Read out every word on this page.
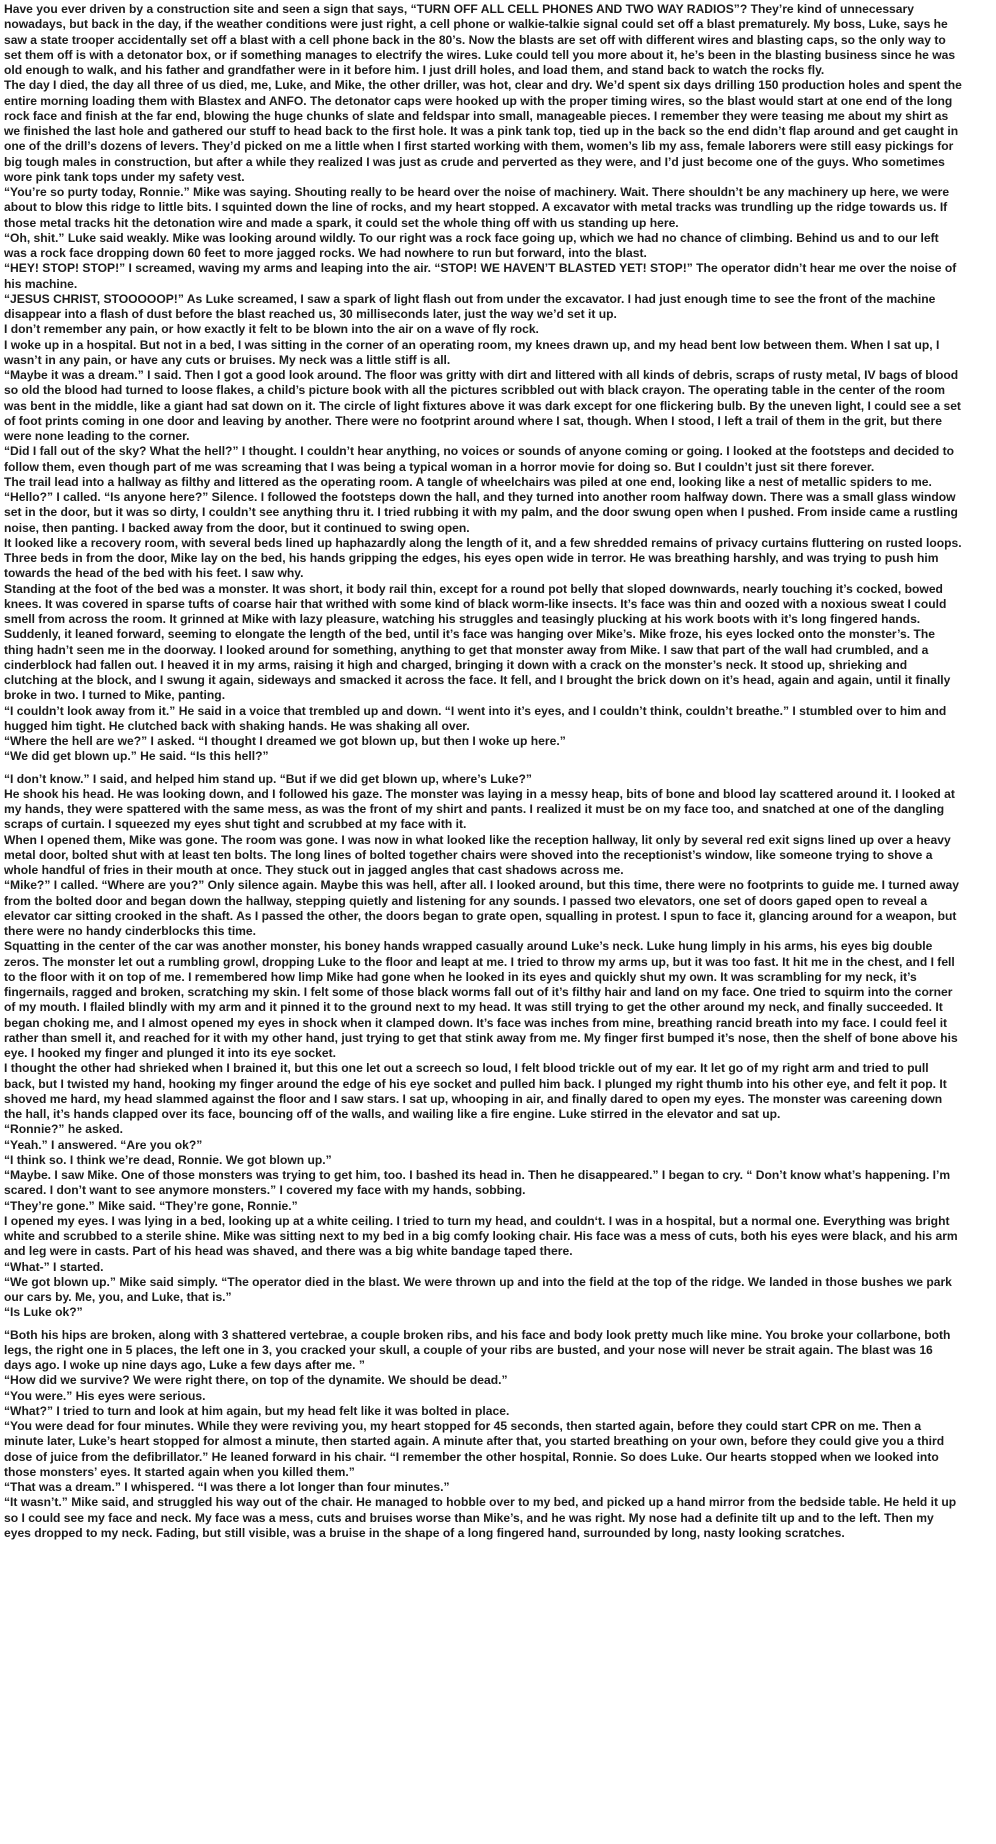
Have you ever driven by a construction site and seen a sign that says, “TURN OFF ALL CELL PHONES AND TWO WAY RADIOS”? They’re kind of unnecessary nowadays, but back in the day, if the weather conditions were just right, a cell phone or walkie-talkie signal could set off a blast prematurely. My boss, Luke, says he saw a state trooper accidentally set off a blast with a cell phone back in the 80’s. Now the blasts are set off with different wires and blasting caps, so the only way to set them off is with a detonator box, or if something manages to electrify the wires. Luke could tell you more about it, he’s been in the blasting business since he was old enough to walk, and his father and grandfather were in it before him. I just drill holes, and load them, and stand back to watch the rocks fly.

The day I died, the day all three of us died, me, Luke, and Mike, the other driller, was hot, clear and dry. We’d spent six days drilling 150 production holes and spent the entire morning loading them with Blastex and ANFO. The detonator caps were hooked up with the proper timing wires, so the blast would start at one end of the long rock face and finish at the far end, blowing the huge chunks of slate and feldspar into small, manageable pieces. I remember they were teasing me about my shirt as we finished the last hole and gathered our stuff to head back to the first hole. It was a pink tank top, tied up in the back so the end didn’t flap around and get caught in one of the drill’s dozens of levers. They’d picked on me a little when I first started working with them, women’s lib my ass, female laborers were still easy pickings for big tough males in construction, but after a while they realized I was just as crude and perverted as they were, and I’d just become one of the guys. Who sometimes wore pink tank tops under my safety vest.

“You’re so purty today, Ronnie.” Mike was saying. Shouting really to be heard over the noise of machinery. Wait. There shouldn’t be any machinery up here, we were about to blow this ridge to little bits. I squinted down the line of rocks, and my heart stopped. A excavator with metal tracks was trundling up the ridge towards us. If those metal tracks hit the detonation wire and made a spark, it could set the whole thing off with us standing up here.

“Oh, shit.” Luke said weakly. Mike was looking around wildly. To our right was a rock face going up, which we had no chance of climbing. Behind us and to our left was a rock face dropping down 60 feet to more jagged rocks. We had nowhere to run but forward, into the blast.

“HEY! STOP! STOP!” I screamed, waving my arms and leaping into the air. “STOP! WE HAVEN’T BLASTED YET! STOP!” The operator didn’t hear me over the noise of his machine.

“JESUS CHRIST, STOOOOOP!” As Luke screamed, I saw a spark of light flash out from under the excavator. I had just enough time to see the front of the machine disappear into a flash of dust before the blast reached us, 30 milliseconds later, just the way we’d set it up.

I don’t remember any pain, or how exactly it felt to be blown into the air on a wave of fly rock.

I woke up in a hospital. But not in a bed, I was sitting in the corner of an operating room, my knees drawn up, and my head bent low between them. When I sat up, I wasn’t in any pain, or have any cuts or bruises. My neck was a little stiff is all.

“Maybe it was a dream.” I said. Then I got a good look around. The floor was gritty with dirt and littered with all kinds of debris, scraps of rusty metal, IV bags of blood so old the blood had turned to loose flakes, a child’s picture book with all the pictures scribbled out with black crayon. The operating table in the center of the room was bent in the middle, like a giant had sat down on it. The circle of light fixtures above it was dark except for one flickering bulb. By the uneven light, I could see a set of foot prints coming in one door and leaving by another. There were no footprint around where I sat, though. When I stood, I left a trail of them in the grit, but there were none leading to the corner.

“Did I fall out of the sky? What the hell?” I thought. I couldn’t hear anything, no voices or sounds of anyone coming or going. I looked at the footsteps and decided to follow them, even though part of me was screaming that I was being a typical woman in a horror movie for doing so. But I couldn’t just sit there forever.

The trail lead into a hallway as filthy and littered as the operating room. A tangle of wheelchairs was piled at one end, looking like a nest of metallic spiders to me.

“Hello?” I called. “Is anyone here?” Silence. I followed the footsteps down the hall, and they turned into another room halfway down. There was a small glass window set in the door, but it was so dirty, I couldn’t see anything thru it. I tried rubbing it with my palm, and the door swung open when I pushed. From inside came a rustling noise, then panting. I backed away from the door, but it continued to swing open.

It looked like a recovery room, with several beds lined up haphazardly along the length of it, and a few shredded remains of privacy curtains fluttering on rusted loops. Three beds in from the door, Mike lay on the bed, his hands gripping the edges, his eyes open wide in terror. He was breathing harshly, and was trying to push him towards the head of the bed with his feet. I saw why.

Standing at the foot of the bed was a monster. It was short, it body rail thin, except for a round pot belly that sloped downwards, nearly touching it’s cocked, bowed knees. It was covered in sparse tufts of coarse hair that writhed with some kind of black worm-like insects. It’s face was thin and oozed with a noxious sweat I could smell from across the room. It grinned at Mike with lazy pleasure, watching his struggles and teasingly plucking at his work boots with it’s long fingered hands. Suddenly, it leaned forward, seeming to elongate the length of the bed, until it’s face was hanging over Mike’s. Mike froze, his eyes locked onto the monster’s. The thing hadn’t seen me in the doorway. I looked around for something, anything to get that monster away from Mike. I saw that part of the wall had crumbled, and a cinderblock had fallen out. I heaved it in my arms, raising it high and charged, bringing it down with a crack on the monster’s neck. It stood up, shrieking and clutching at the block, and I swung it again, sideways and smacked it across the face. It fell, and I brought the brick down on it’s head, again and again, until it finally broke in two. I turned to Mike, panting.

“I couldn’t look away from it.” He said in a voice that trembled up and down. “I went into it’s eyes, and I couldn’t think, couldn’t breathe.” I stumbled over to him and hugged him tight. He clutched back with shaking hands. He was shaking all over.

“Where the hell are we?” I asked. “I thought I dreamed we got blown up, but then I woke up here.”

“We did get blown up.” He said. “Is this hell?”

“I don’t know.” I said, and helped him stand up. “But if we did get blown up, where’s Luke?”

He shook his head. He was looking down, and I followed his gaze. The monster was laying in a messy heap, bits of bone and blood lay scattered around it. I looked at my hands, they were spattered with the same mess, as was the front of my shirt and pants. I realized it must be on my face too, and snatched at one of the dangling scraps of curtain. I squeezed my eyes shut tight and scrubbed at my face with it.

When I opened them, Mike was gone. The room was gone. I was now in what looked like the reception hallway, lit only by several red exit signs lined up over a heavy metal door, bolted shut with at least ten bolts. The long lines of bolted together chairs were shoved into the receptionist’s window, like someone trying to shove a whole handful of fries in their mouth at once. They stuck out in jagged angles that cast shadows across me.

“Mike?” I called. “Where are you?” Only silence again. Maybe this was hell, after all. I looked around, but this time, there were no footprints to guide me. I turned away from the bolted door and began down the hallway, stepping quietly and listening for any sounds. I passed two elevators, one set of doors gaped open to reveal a elevator car sitting crooked in the shaft. As I passed the other, the doors began to grate open, squalling in protest. I spun to face it, glancing around for a weapon, but there were no handy cinderblocks this time.

Squatting in the center of the car was another monster, his boney hands wrapped casually around Luke’s neck. Luke hung limply in his arms, his eyes big double zeros. The monster let out a rumbling growl, dropping Luke to the floor and leapt at me. I tried to throw my arms up, but it was too fast. It hit me in the chest, and I fell to the floor with it on top of me. I remembered how limp Mike had gone when he looked in its eyes and quickly shut my own. It was scrambling for my neck, it’s fingernails, ragged and broken, scratching my skin. I felt some of those black worms fall out of it’s filthy hair and land on my face. One tried to squirm into the corner of my mouth. I flailed blindly with my arm and it pinned it to the ground next to my head. It was still trying to get the other around my neck, and finally succeeded. It began choking me, and I almost opened my eyes in shock when it clamped down. It’s face was inches from mine, breathing rancid breath into my face. I could feel it rather than smell it, and reached for it with my other hand, just trying to get that stink away from me. My finger first bumped it’s nose, then the shelf of bone above his eye. I hooked my finger and plunged it into its eye socket.

I thought the other had shrieked when I brained it, but this one let out a screech so loud, I felt blood trickle out of my ear. It let go of my right arm and tried to pull back, but I twisted my hand, hooking my finger around the edge of his eye socket and pulled him back. I plunged my right thumb into his other eye, and felt it pop. It shoved me hard, my head slammed against the floor and I saw stars. I sat up, whooping in air, and finally dared to open my eyes. The monster was careening down the hall, it’s hands clapped over its face, bouncing off of the walls, and wailing like a fire engine. Luke stirred in the elevator and sat up.

“Ronnie?” he asked.

“Yeah.” I answered. “Are you ok?”

“I think so. I think we’re dead, Ronnie. We got blown up.”

“Maybe. I saw Mike. One of those monsters was trying to get him, too. I bashed its head in. Then he disappeared.” I began to cry. “ Don’t know what’s happening. I’m scared. I don’t want to see anymore monsters.” I covered my face with my hands, sobbing.

“They’re gone.” Mike said. “They’re gone, Ronnie.”

I opened my eyes. I was lying in a bed, looking up at a white ceiling. I tried to turn my head, and couldn‘t. I was in a hospital, but a normal one. Everything was bright white and scrubbed to a sterile shine. Mike was sitting next to my bed in a big comfy looking chair. His face was a mess of cuts, both his eyes were black, and his arm and leg were in casts. Part of his head was shaved, and there was a big white bandage taped there.

“What-” I started.

“We got blown up.” Mike said simply. “The operator died in the blast. We were thrown up and into the field at the top of the ridge. We landed in those bushes we park our cars by. Me, you, and Luke, that is.”

“Is Luke ok?”

“Both his hips are broken, along with 3 shattered vertebrae, a couple broken ribs, and his face and body look pretty much like mine. You broke your collarbone, both legs, the right one in 5 places, the left one in 3, you cracked your skull, a couple of your ribs are busted, and your nose will never be strait again. The blast was 16 days ago. I woke up nine days ago, Luke a few days after me. ”

“How did we survive? We were right there, on top of the dynamite. We should be dead.”

“You were.” His eyes were serious.

“What?” I tried to turn and look at him again, but my head felt like it was bolted in place.

“You were dead for four minutes. While they were reviving you, my heart stopped for 45 seconds, then started again, before they could start CPR on me. Then a minute later, Luke’s heart stopped for almost a minute, then started again. A minute after that, you started breathing on your own, before they could give you a third dose of juice from the defibrillator.” He leaned forward in his chair. “I remember the other hospital, Ronnie. So does Luke. Our hearts stopped when we looked into those monsters’ eyes. It started again when you killed them.”

“That was a dream.” I whispered. “I was there a lot longer than four minutes.”

“It wasn’t.” Mike said, and struggled his way out of the chair. He managed to hobble over to my bed, and picked up a hand mirror from the bedside table. He held it up so I could see my face and neck. My face was a mess, cuts and bruises worse than Mike’s, and he was right. My nose had a definite tilt up and to the left. Then my eyes dropped to my neck. Fading, but still visible, was a bruise in the shape of a long fingered hand, surrounded by long, nasty looking scratches.
